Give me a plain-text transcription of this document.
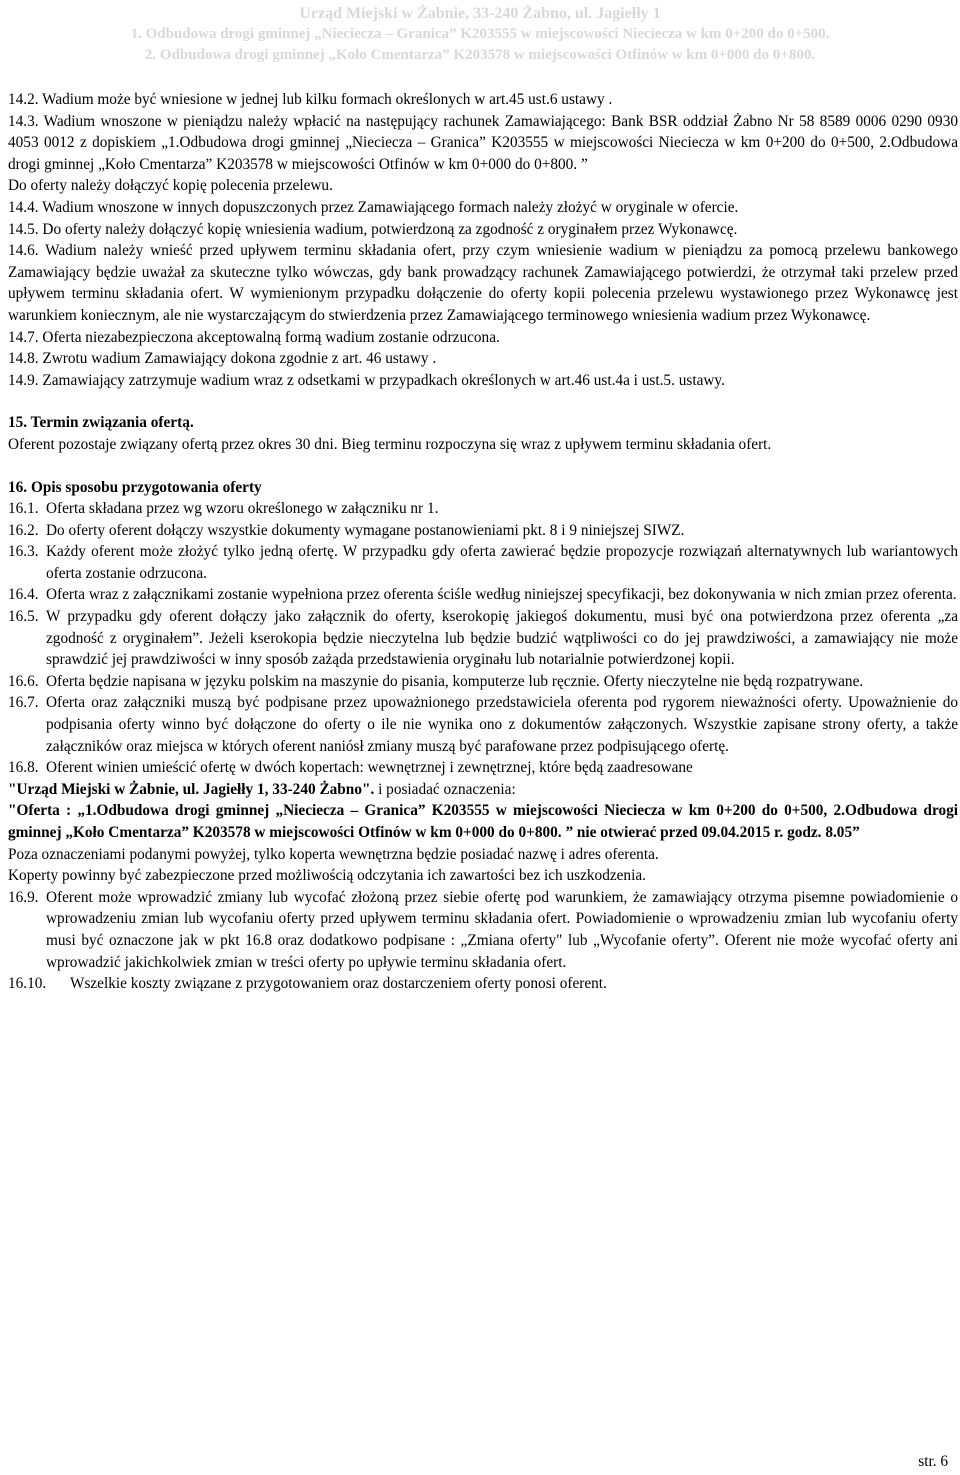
Urząd Miejski w Żabnie, 33-240 Żabno, ul. Jagiełły 1
1. Odbudowa drogi gminnej „Niecieczа – Granica” K203555 w miejscowości Niecieczа w km 0+200 do 0+500.
2. Odbudowa drogi gminnej „Koło Cmentarza” K203578 w miejscowości Otfinów w km 0+000 do 0+800.

14.2. Wadium może być wniesione w jednej lub kilku formach określonych w art.45 ust.6 ustawy .

14.3. Wadium wnoszone w pieniądzu należy wpłacić na następujący rachunek Zamawiającego: Bank BSR oddział Żabno Nr 58 8589 0006 0290 0930 4053 0012 z dopiskiem „1.Odbudowa drogi gminnej „Niecieczа – Granica” K203555 w miejscowości Niecieczа w km 0+200 do 0+500, 2.Odbudowa drogi gminnej „Koło Cmentarza” K203578 w miejscowości Otfinów w km 0+000 do 0+800. ”

Do oferty należy dołączyć kopię polecenia przelewu.

14.4. Wadium wnoszone w innych dopuszczonych przez Zamawiającego formach należy złożyć w oryginale w ofercie.

14.5. Do oferty należy dołączyć kopię wniesienia wadium, potwierdzoną za zgodność z oryginałem przez Wykonawcę.

14.6. Wadium należy wnieść przed upływem terminu składania ofert, przy czym wniesienie wadium w pieniądzu za pomocą przelewu bankowego Zamawiający będzie uważał za skuteczne tylko wówczas, gdy bank prowadzący rachunek Zamawiającego potwierdzi, że otrzymał taki przelew przed upływem terminu składania ofert. W wymienionym przypadku dołączenie do oferty kopii polecenia przelewu wystawionego przez Wykonawcę jest warunkiem koniecznym, ale nie wystarczającym do stwierdzenia przez Zamawiającego terminowego wniesienia wadium przez Wykonawcę.

14.7. Oferta niezabezpieczona akceptowalną formą wadium zostanie odrzucona.

14.8. Zwrotu wadium Zamawiający dokona zgodnie z art. 46 ustawy .

14.9. Zamawiający zatrzymuje wadium wraz z odsetkami w przypadkach określonych w art.46 ust.4a i ust.5. ustawy.

15. Termin związania ofertą.

Oferent pozostaje związany ofertą przez okres 30 dni. Bieg terminu rozpoczyna się wraz z upływem terminu składania ofert.

16. Opis sposobu przygotowania oferty

16.1. Oferta składana przez wg wzoru określonego w załączniku nr 1.
16.2. Do oferty oferent dołączy wszystkie dokumenty wymagane postanowieniami pkt. 8 i 9 niniejszej SIWZ.
16.3. Każdy oferent może złożyć tylko jedną ofertę. W przypadku gdy oferta zawierać będzie propozycje rozwiązań alternatywnych lub wariantowych oferta zostanie odrzucona.
16.4. Oferta wraz z załącznikami zostanie wypełniona przez oferenta ściśle według niniejszej specyfikacji, bez dokonywania w nich zmian przez oferenta.
16.5. W przypadku gdy oferent dołączy jako załącznik do oferty, kserokopię jakiegoś dokumentu, musi być ona potwierdzona przez oferenta „za zgodność z oryginałem”. Jeżeli kserokopia będzie nieczytelna lub będzie budzić wątpliwości co do jej prawdziwości, a zamawiający nie może sprawdzić jej prawdziwości w inny sposób zażąda przedstawienia oryginału lub notarialnie potwierdzonej kopii.
16.6. Oferta będzie napisana w języku polskim na maszynie do pisania, komputerze lub ręcznie. Oferty nieczytelne nie będą rozpatrywane.
16.7. Oferta oraz załączniki muszą być podpisane przez upoważnionego przedstawiciela oferenta pod rygorem nieważności oferty. Upoważnienie do podpisania oferty winno być dołączone do oferty o ile nie wynika ono z dokumentów załączonych. Wszystkie zapisane strony oferty, a także załączników oraz miejsca w których oferent naniósł zmiany muszą być parafowane przez podpisującego ofertę.
16.8. Oferent winien umieścić ofertę w dwóch kopertach: wewnętrznej i zewnętrznej, które będą zaadresowane

"Urząd Miejski w Żabnie, ul. Jagiełły 1, 33-240 Żabno". i posiadać oznaczenia:

"Oferta : „1.Odbudowa drogi gminnej „Niecieczа – Granica” K203555 w miejscowości Niecieczа w km 0+200 do 0+500, 2.Odbudowa drogi gminnej „Koło Cmentarza” K203578 w miejscowości Otfinów w km 0+000 do 0+800. ” nie otwierać przed 09.04.2015 r. godz. 8.05”

Poza oznaczeniami podanymi powyżej, tylko koperta wewnętrzna będzie posiadać nazwę i adres oferenta.

Koperty powinny być zabezpieczone przed możliwością odczytania ich zawartości bez ich uszkodzenia.

16.9. Oferent może wprowadzić zmiany lub wycofać złożoną przez siebie ofertę pod warunkiem, że zamawiający otrzyma pisemne powiadomienie o wprowadzeniu zmian lub wycofaniu oferty przed upływem terminu składania ofert. Powiadomienie o wprowadzeniu zmian lub wycofaniu oferty musi być oznaczone jak w pkt 16.8 oraz dodatkowo podpisane : „Zmiana oferty" lub „Wycofanie oferty”. Oferent nie może wycofać oferty ani wprowadzić jakichkolwiek zmian w treści oferty po upływie terminu składania ofert.
16.10.	Wszelkie koszty związane z przygotowaniem oraz dostarczeniem oferty ponosi oferent.
str. 6
